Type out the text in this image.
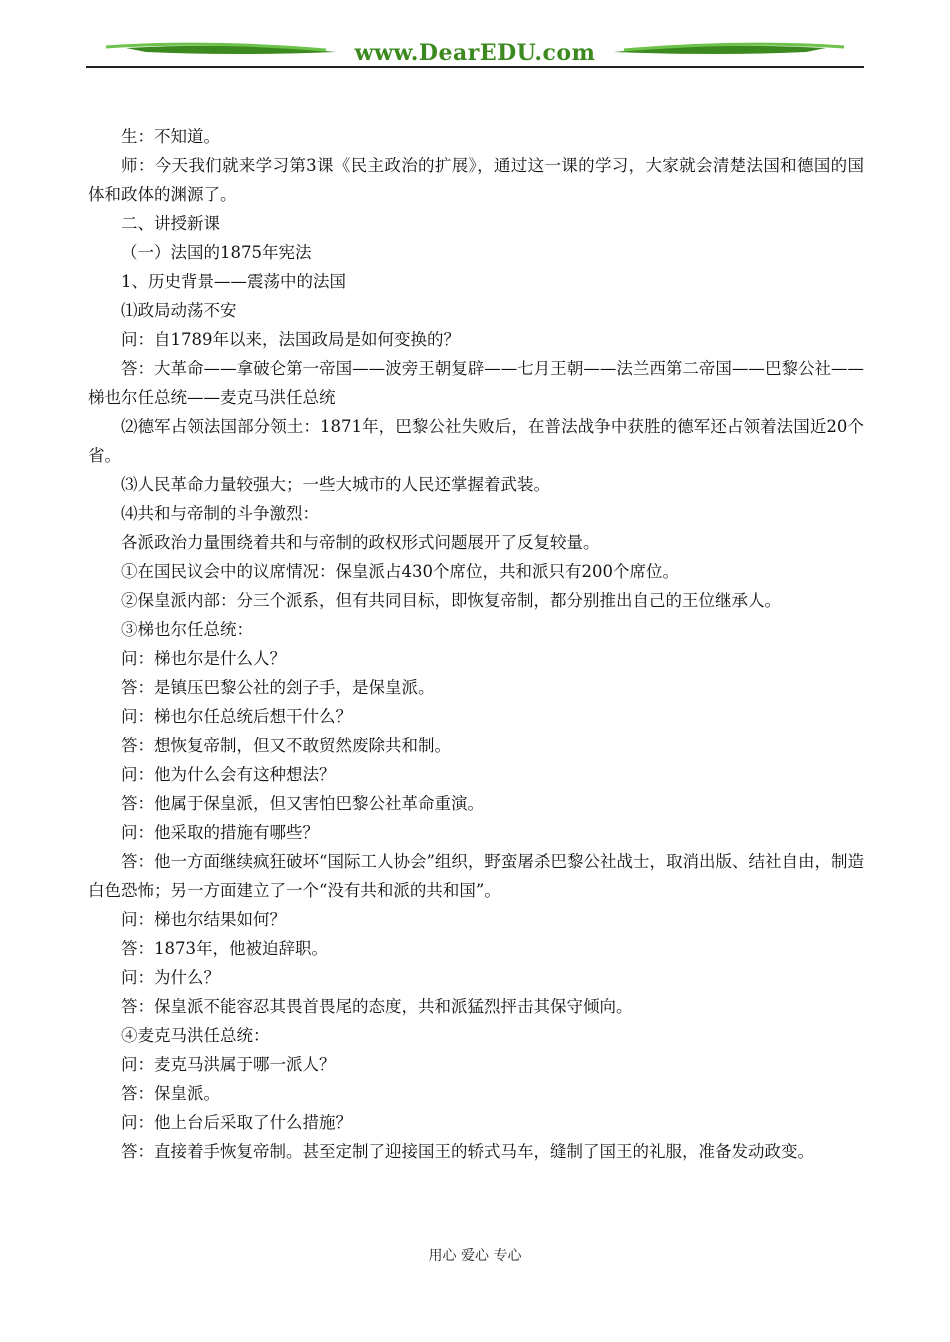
www.DearEDU.com

生：不知道。

师：今天我们就来学习第3课《民主政治的扩展》，通过这一课的学习，大家就会清楚法国和德国的国体和政体的渊源了。

二、讲授新课

（一）法国的1875年宪法

1、历史背景——震荡中的法国

⑴政局动荡不安

问：自1789年以来，法国政局是如何变换的？

答：大革命——拿破仑第一帝国——波旁王朝复辟——七月王朝——法兰西第二帝国——巴黎公社——梯也尔任总统——麦克马洪任总统

⑵德军占领法国部分领土：1871年，巴黎公社失败后，在普法战争中获胜的德军还占领着法国近20个省。

⑶人民革命力量较强大；一些大城市的人民还掌握着武装。

⑷共和与帝制的斗争激烈：

各派政治力量围绕着共和与帝制的政权形式问题展开了反复较量。

①在国民议会中的议席情况：保皇派占430个席位，共和派只有200个席位。

②保皇派内部：分三个派系，但有共同目标，即恢复帝制，都分别推出自己的王位继承人。

③梯也尔任总统：

问：梯也尔是什么人？

答：是镇压巴黎公社的刽子手，是保皇派。

问：梯也尔任总统后想干什么？

答：想恢复帝制，但又不敢贸然废除共和制。

问：他为什么会有这种想法？

答：他属于保皇派，但又害怕巴黎公社革命重演。

问：他采取的措施有哪些？

答：他一方面继续疯狂破坏“国际工人协会”组织，野蛮屠杀巴黎公社战士，取消出版、结社自由，制造白色恐怖；另一方面建立了一个“没有共和派的共和国”。

问：梯也尔结果如何？

答：1873年，他被迫辞职。

问：为什么？

答：保皇派不能容忍其畏首畏尾的态度，共和派猛烈抨击其保守倾向。

④麦克马洪任总统：

问：麦克马洪属于哪一派人？

答：保皇派。

问：他上台后采取了什么措施？

答：直接着手恢复帝制。甚至定制了迎接国王的轿式马车，缝制了国王的礼服，准备发动政变。

用心 爱心 专心
